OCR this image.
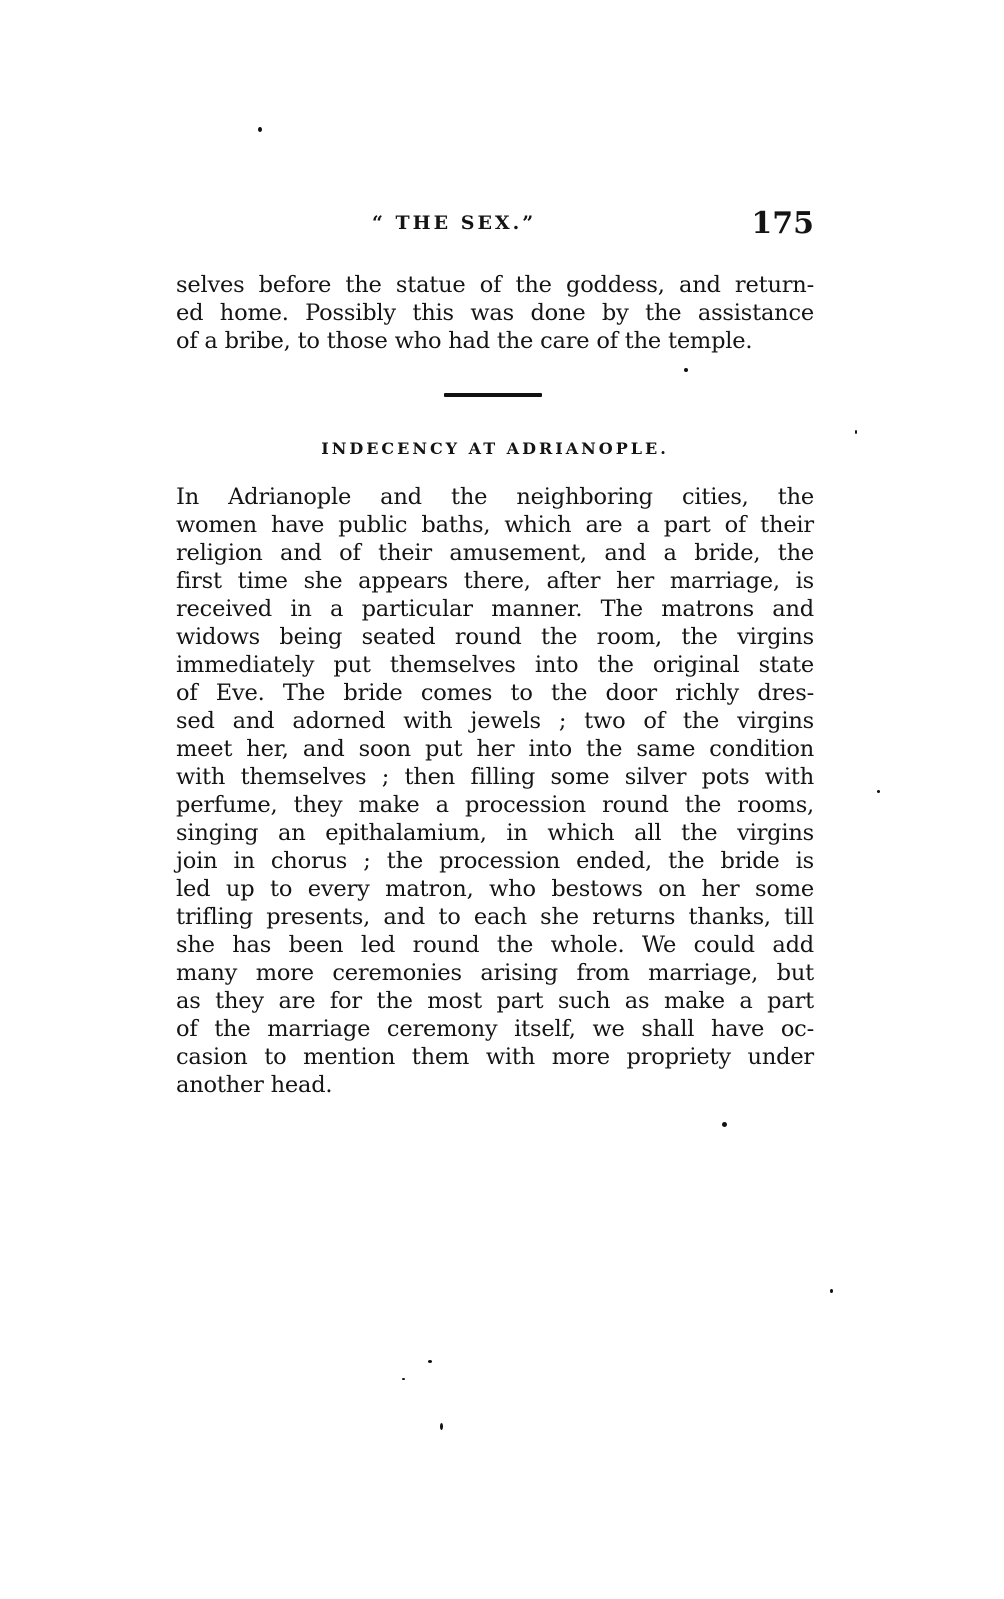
“ THE SEX.”	175
selves before the statue of the goddess, and return-
ed home. Possibly this was done by the assistance
of a bribe, to those who had the care of the temple.
INDECENCY AT ADRIANOPLE.
In Adrianople and the neighboring cities, the
women have public baths, which are a part of their
religion and of their amusement, and a bride, the
first time she appears there, after her marriage, is
received in a particular manner. The matrons and
widows being seated round the room, the virgins
immediately put themselves into the original state
of Eve. The bride comes to the door richly dres-
sed and adorned with jewels ; two of the virgins
meet her, and soon put her into the same condition
with themselves ; then filling some silver pots with
perfume, they make a procession round the rooms,
singing an epithalamium, in which all the virgins
join in chorus ; the procession ended, the bride is
led up to every matron, who bestows on her some
trifling presents, and to each she returns thanks, till
she has been led round the whole. We could add
many more ceremonies arising from marriage, but
as they are for the most part such as make a part
of the marriage ceremony itself, we shall have oc-
casion to mention them with more propriety under
another head.
